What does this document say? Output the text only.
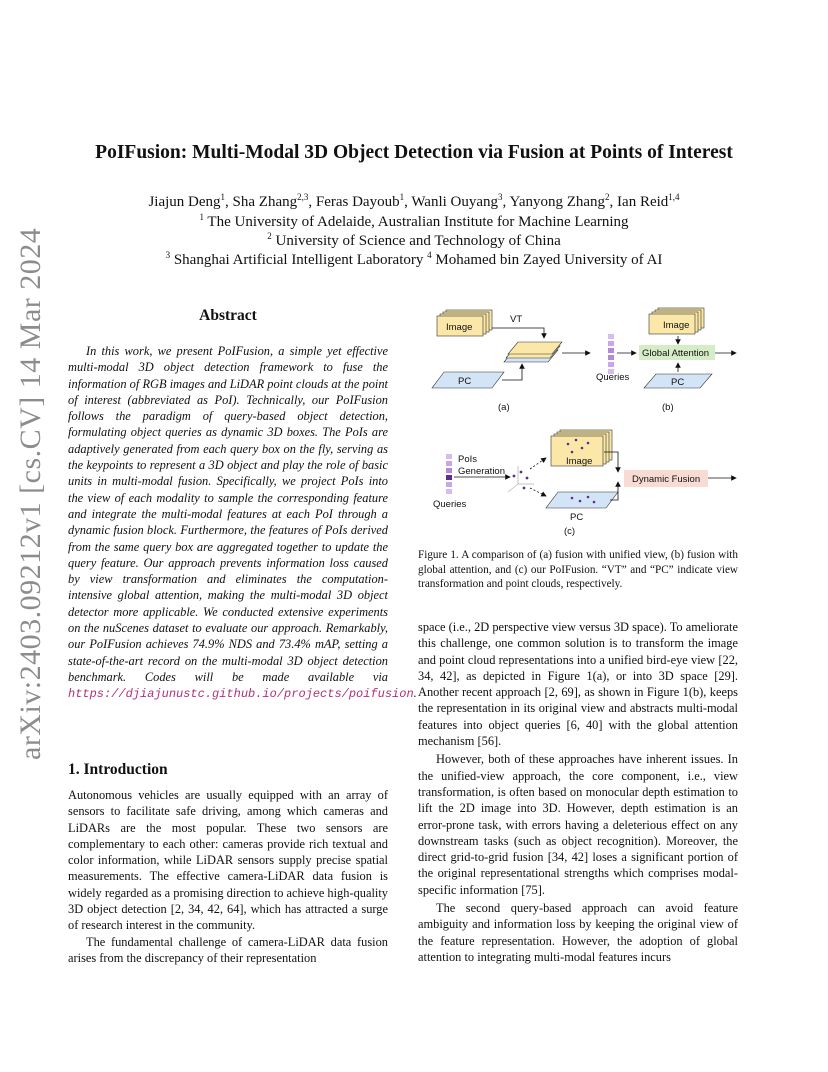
arXiv:2403.09212v1 [cs.CV] 14 Mar 2024
PoIFusion: Multi-Modal 3D Object Detection via Fusion at Points of Interest
Jiajun Deng$^1$, Sha Zhang$^{2,3}$, Feras Dayoub$^1$, Wanli Ouyang$^3$, Yanyong Zhang$^2$, Ian Reid$^{1,4}$
$^1$ The University of Adelaide, Australian Institute for Machine Learning
$^2$ University of Science and Technology of China
$^3$ Shanghai Artificial Intelligent Laboratory $^4$ Mohamed bin Zayed University of AI
Abstract

In this work, we present PoIFusion, a simple yet effective multi-modal 3D object detection framework to fuse the information of RGB images and LiDAR point clouds at the point of interest (abbreviated as PoI). Technically, our PoIFusion follows the paradigm of query-based object detection, formulating object queries as dynamic 3D boxes. The PoIs are adaptively generated from each query box on the fly, serving as the keypoints to represent a 3D object and play the role of basic units in multi-modal fusion. Specifically, we project PoIs into the view of each modality to sample the corresponding feature and integrate the multi-modal features at each PoI through a dynamic fusion block. Furthermore, the features of PoIs derived from the same query box are aggregated together to update the query feature. Our approach prevents information loss caused by view transformation and eliminates the computation-intensive global attention, making the multi-modal 3D object detector more applicable. We conducted extensive experiments on the nuScenes dataset to evaluate our approach. Remarkably, our PoIFusion achieves 74.9% NDS and 73.4% mAP, setting a state-of-the-art record on the multi-modal 3D object detection benchmark. Codes will be made available via https://djiajunustc.github.io/projects/poifusion.

1. Introduction

Autonomous vehicles are usually equipped with an array of sensors to facilitate safe driving, among which cameras and LiDARs are the most popular. These two sensors are complementary to each other: cameras provide rich textual and color information, while LiDAR sensors supply precise spatial measurements. The effective camera-LiDAR data fusion is widely regarded as a promising direction to achieve high-quality 3D object detection [2, 34, 42, 64], which has attracted a surge of research interest in the community.

The fundamental challenge of camera-LiDAR data fusion arises from the discrepancy of their representation

Image
VT
PC
(a)
Image
Global Attention
Queries	PC
(b)
PoIs
Generation
Image
PC
Dynamic Fusion
Queries
(c)
Figure 1. A comparison of (a) fusion with unified view, (b) fusion with global attention, and (c) our PoIFusion. “VT” and “PC” indicate view transformation and point clouds, respectively.

space (i.e., 2D perspective view versus 3D space). To ameliorate this challenge, one common solution is to transform the image and point cloud representations into a unified bird-eye view [22, 34, 42], as depicted in Figure 1(a), or into 3D space [29]. Another recent approach [2, 69], as shown in Figure 1(b), keeps the representation in its original view and abstracts multi-modal features into object queries [6, 40] with the global attention mechanism [56].

However, both of these approaches have inherent issues. In the unified-view approach, the core component, i.e., view transformation, is often based on monocular depth estimation to lift the 2D image into 3D. However, depth estimation is an error-prone task, with errors having a deleterious effect on any downstream tasks (such as object recognition). Moreover, the direct grid-to-grid fusion [34, 42] loses a significant portion of the original representational strengths which comprises modal-specific information [75].

The second query-based approach can avoid feature ambiguity and information loss by keeping the original view of the feature representation. However, the adoption of global attention to integrating multi-modal features incurs
